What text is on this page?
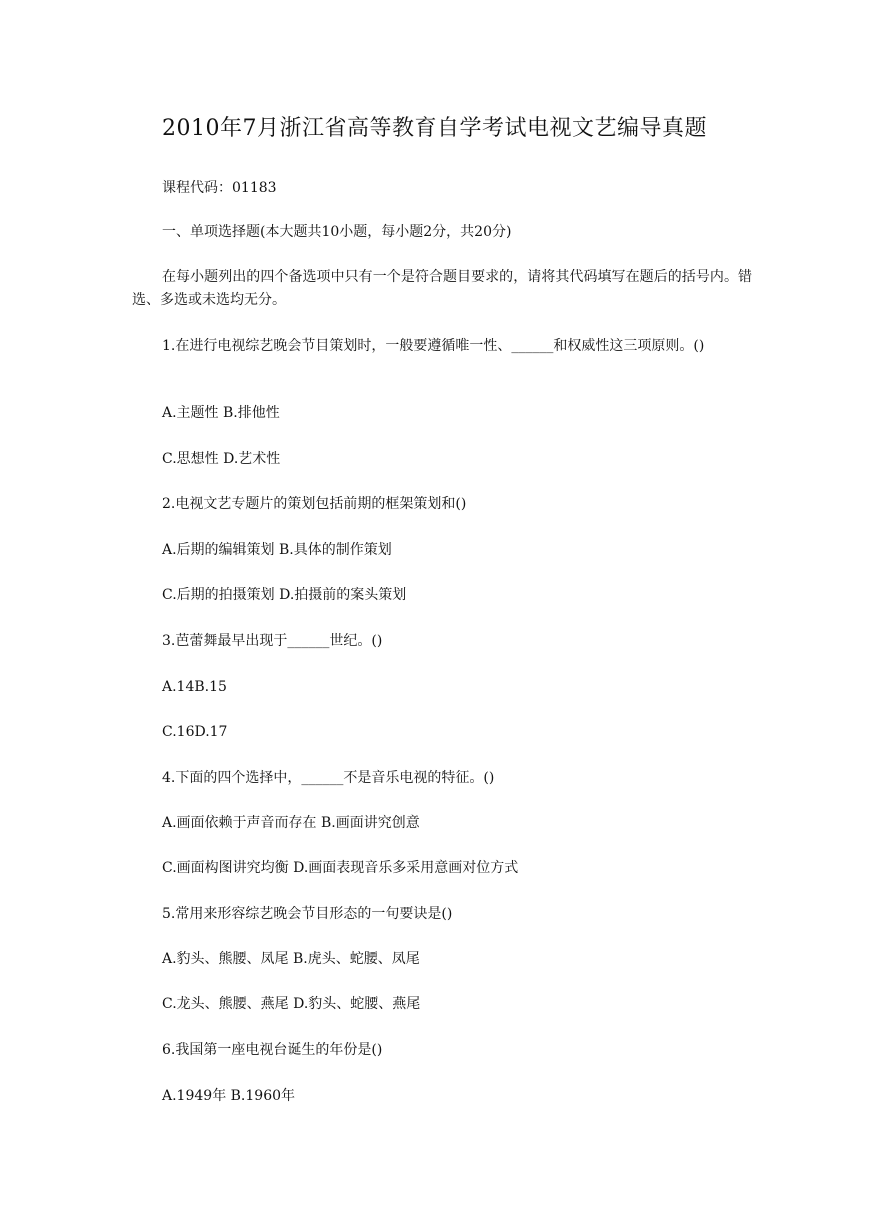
2010年7月浙江省高等教育自学考试电视文艺编导真题
课程代码：01183
一、单项选择题(本大题共10小题，每小题2分，共20分)
在每小题列出的四个备选项中只有一个是符合题目要求的，请将其代码填写在题后的括号内。错选、多选或未选均无分。
1.在进行电视综艺晚会节目策划时，一般要遵循唯一性、______和权威性这三项原则。()
A.主题性 B.排他性
C.思想性 D.艺术性
2.电视文艺专题片的策划包括前期的框架策划和()
A.后期的编辑策划 B.具体的制作策划
C.后期的拍摄策划 D.拍摄前的案头策划
3.芭蕾舞最早出现于______世纪。()
A.14B.15
C.16D.17
4.下面的四个选择中，______不是音乐电视的特征。()
A.画面依赖于声音而存在 B.画面讲究创意
C.画面构图讲究均衡 D.画面表现音乐多采用意画对位方式
5.常用来形容综艺晚会节目形态的一句要诀是()
A.豹头、熊腰、凤尾 B.虎头、蛇腰、凤尾
C.龙头、熊腰、燕尾 D.豹头、蛇腰、燕尾
6.我国第一座电视台诞生的年份是()
A.1949年 B.1960年
